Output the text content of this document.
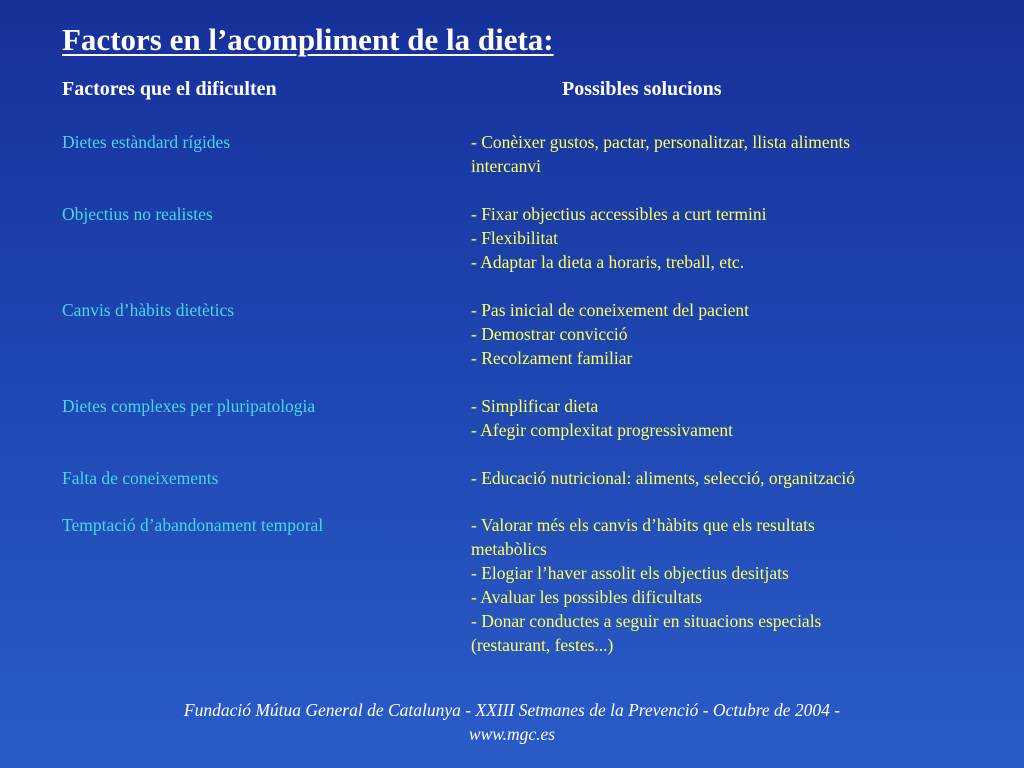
Factors en l’acompliment de la dieta:
Factores que el dificulten	Possibles solucions
Dietes estàndard rígides
Objectius no realistes
Canvis d’hàbits dietètics
Dietes complexes per pluripatologia
Falta de coneixements
Temptació d’abandonament temporal
- Conèixer gustos, pactar, personalitzar, llista aliments
intercanvi
- Fixar objectius accessibles a curt termini
- Flexibilitat
- Adaptar la dieta a horaris, treball, etc.
- Pas inicial de coneixement del pacient
- Demostrar convicció
- Recolzament familiar
- Simplificar dieta
- Afegir complexitat progressivament
- Educació nutricional: aliments, selecció, organització
- Valorar més els canvis d’hàbits que els resultats
metabòlics
- Elogiar l’haver assolit els objectius desitjats
- Avaluar les possibles dificultats
- Donar conductes a seguir en situacions especials
(restaurant, festes...)
Fundació Mútua General de Catalunya - XXIII Setmanes de la Prevenció - Octubre de 2004 -
www.mgc.es
